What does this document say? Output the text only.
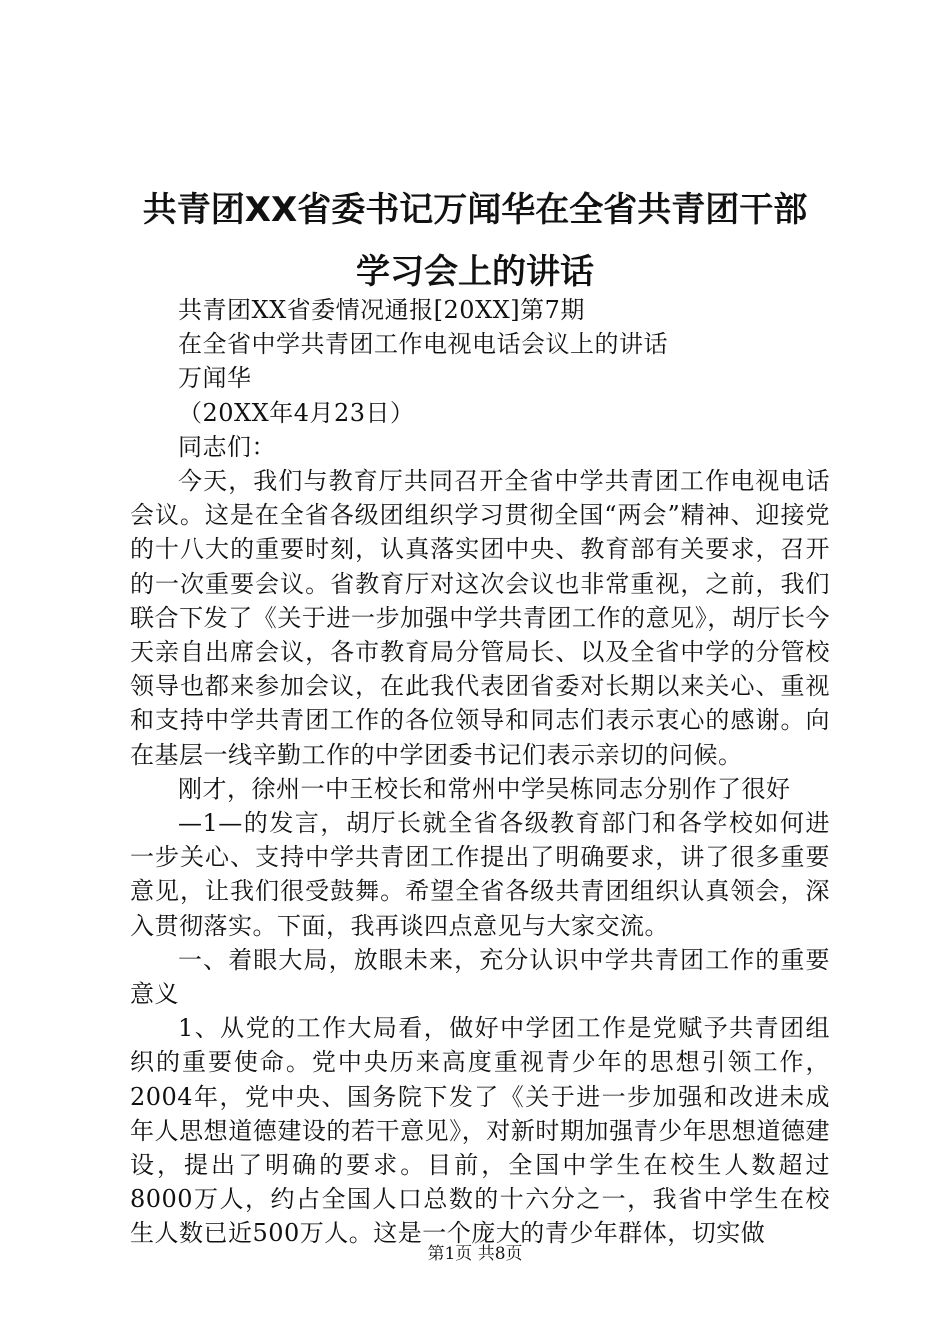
共青团XX省委书记万闻华在全省共青团干部
学习会上的讲话

共青团XX省委情况通报[20XX]第7期

在全省中学共青团工作电视电话会议上的讲话

万闻华

（20XX年4月23日）

同志们：

今天，我们与教育厅共同召开全省中学共青团工作电视电话会议。这是在全省各级团组织学习贯彻全国“两会”精神、迎接党的十八大的重要时刻，认真落实团中央、教育部有关要求，召开的一次重要会议。省教育厅对这次会议也非常重视，之前，我们联合下发了《关于进一步加强中学共青团工作的意见》，胡厅长今天亲自出席会议，各市教育局分管局长、以及全省中学的分管校领导也都来参加会议，在此我代表团省委对长期以来关心、重视和支持中学共青团工作的各位领导和同志们表示衷心的感谢。向在基层一线辛勤工作的中学团委书记们表示亲切的问候。

刚才，徐州一中王校长和常州中学吴栋同志分别作了很好

—1—的发言，胡厅长就全省各级教育部门和各学校如何进一步关心、支持中学共青团工作提出了明确要求，讲了很多重要意见，让我们很受鼓舞。希望全省各级共青团组织认真领会，深入贯彻落实。下面，我再谈四点意见与大家交流。

一、着眼大局，放眼未来，充分认识中学共青团工作的重要意义

1、从党的工作大局看，做好中学团工作是党赋予共青团组织的重要使命。党中央历来高度重视青少年的思想引领工作，2004年，党中央、国务院下发了《关于进一步加强和改进未成年人思想道德建设的若干意见》，对新时期加强青少年思想道德建设，提出了明确的要求。目前，全国中学生在校生人数超过8000万人，约占全国人口总数的十六分之一，我省中学生在校生人数已近500万人。这是一个庞大的青少年群体，切实做

第1页 共8页
